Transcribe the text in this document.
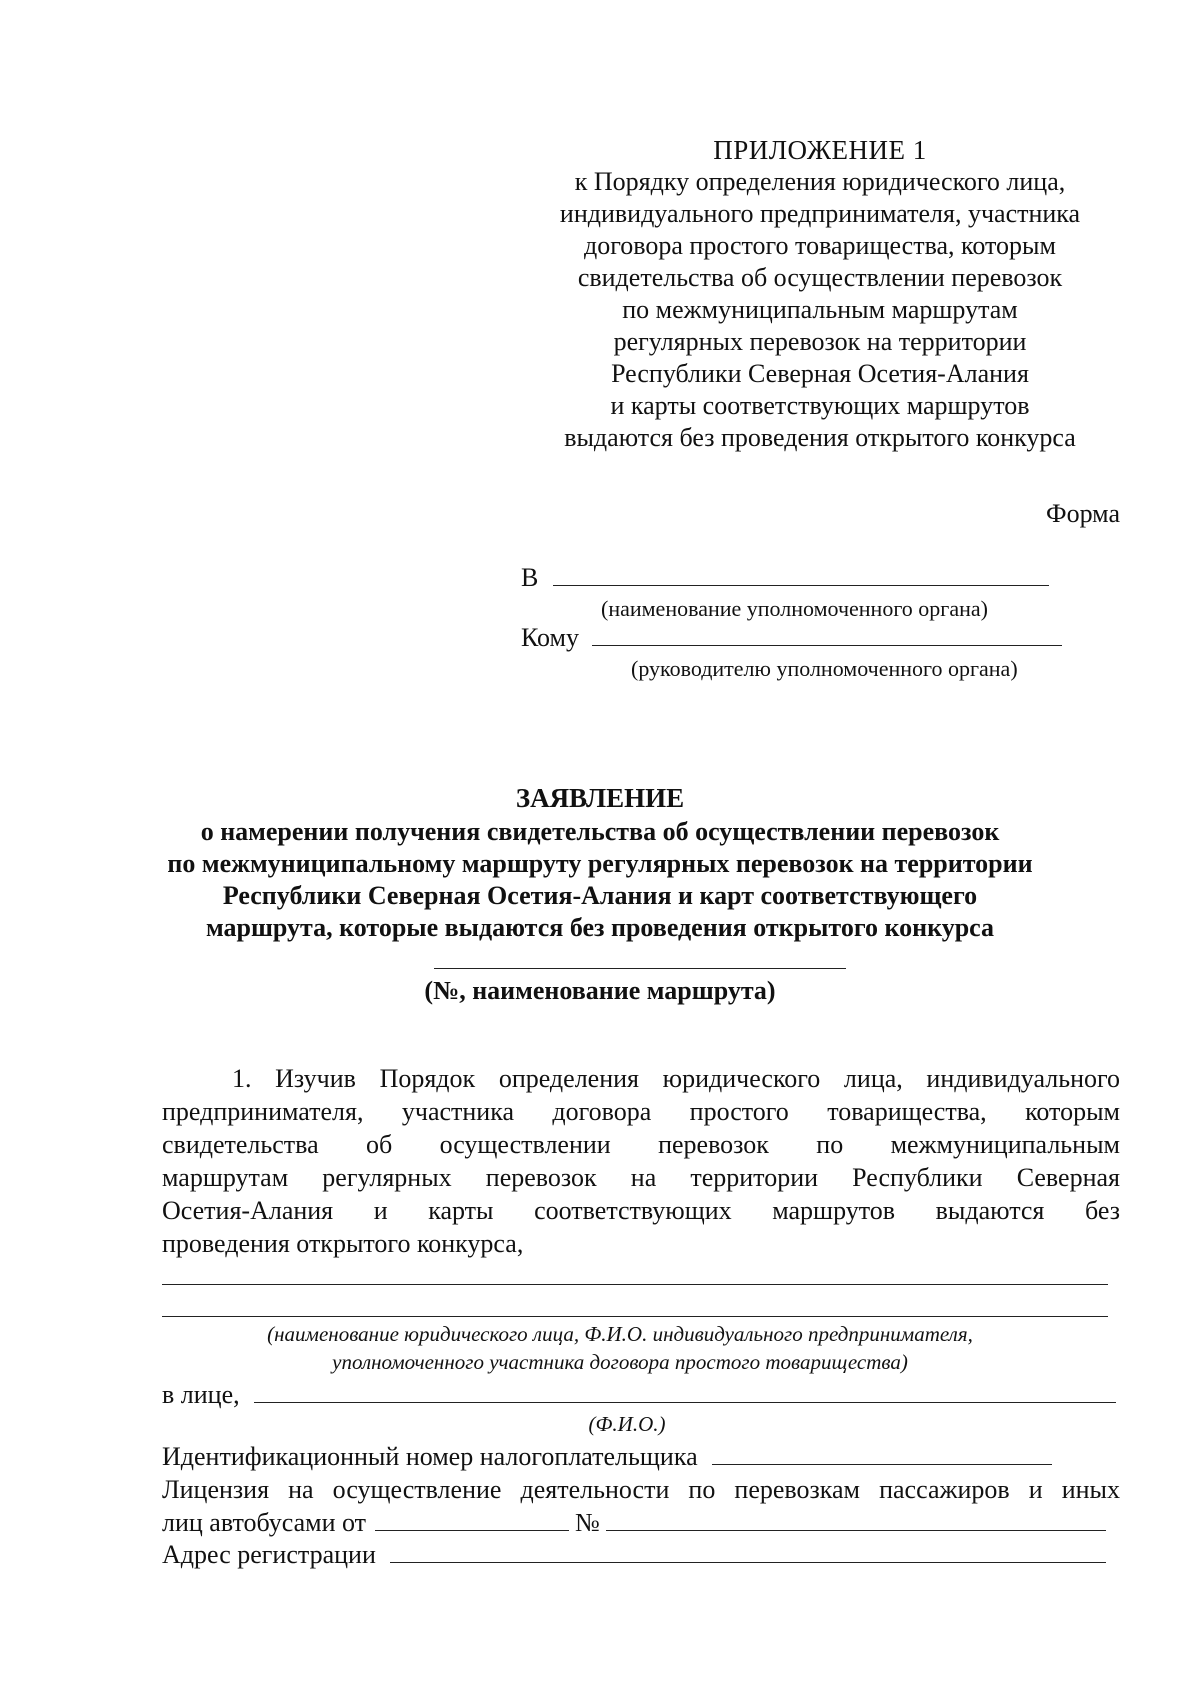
ПРИЛОЖЕНИЕ 1
к Порядку определения юридического лица,
индивидуального предпринимателя, участника
договора простого товарищества, которым
свидетельства об осуществлении перевозок
по межмуниципальным маршрутам
регулярных перевозок на территории
Республики Северная Осетия-Алания
и карты соответствующих маршрутов
выдаются без проведения открытого конкурса
Форма
В
(наименование уполномоченного органа)
Кому
(руководителю уполномоченного органа)
ЗАЯВЛЕНИЕ
о намерении получения свидетельства об осуществлении перевозок
по межмуниципальному маршруту регулярных перевозок на территории
Республики Северная Осетия-Алания и карт соответствующего
маршрута, которые выдаются без проведения открытого конкурса
(№, наименование маршрута)
1. Изучив Порядок определения юридического лица, индивидуального
предпринимателя, участника договора простого товарищества, которым
свидетельства об осуществлении перевозок по межмуниципальным
маршрутам регулярных перевозок на территории Республики Северная
Осетия-Алания и карты соответствующих маршрутов выдаются без
проведения открытого конкурса,
(наименование юридического лица, Ф.И.О. индивидуального предпринимателя,
уполномоченного участника договора простого товарищества)
в лице,
(Ф.И.О.)
Идентификационный номер налогоплательщика
Лицензия на осуществление деятельности по перевозкам пассажиров и иных
лиц автобусами от	№
Адрес регистрации
